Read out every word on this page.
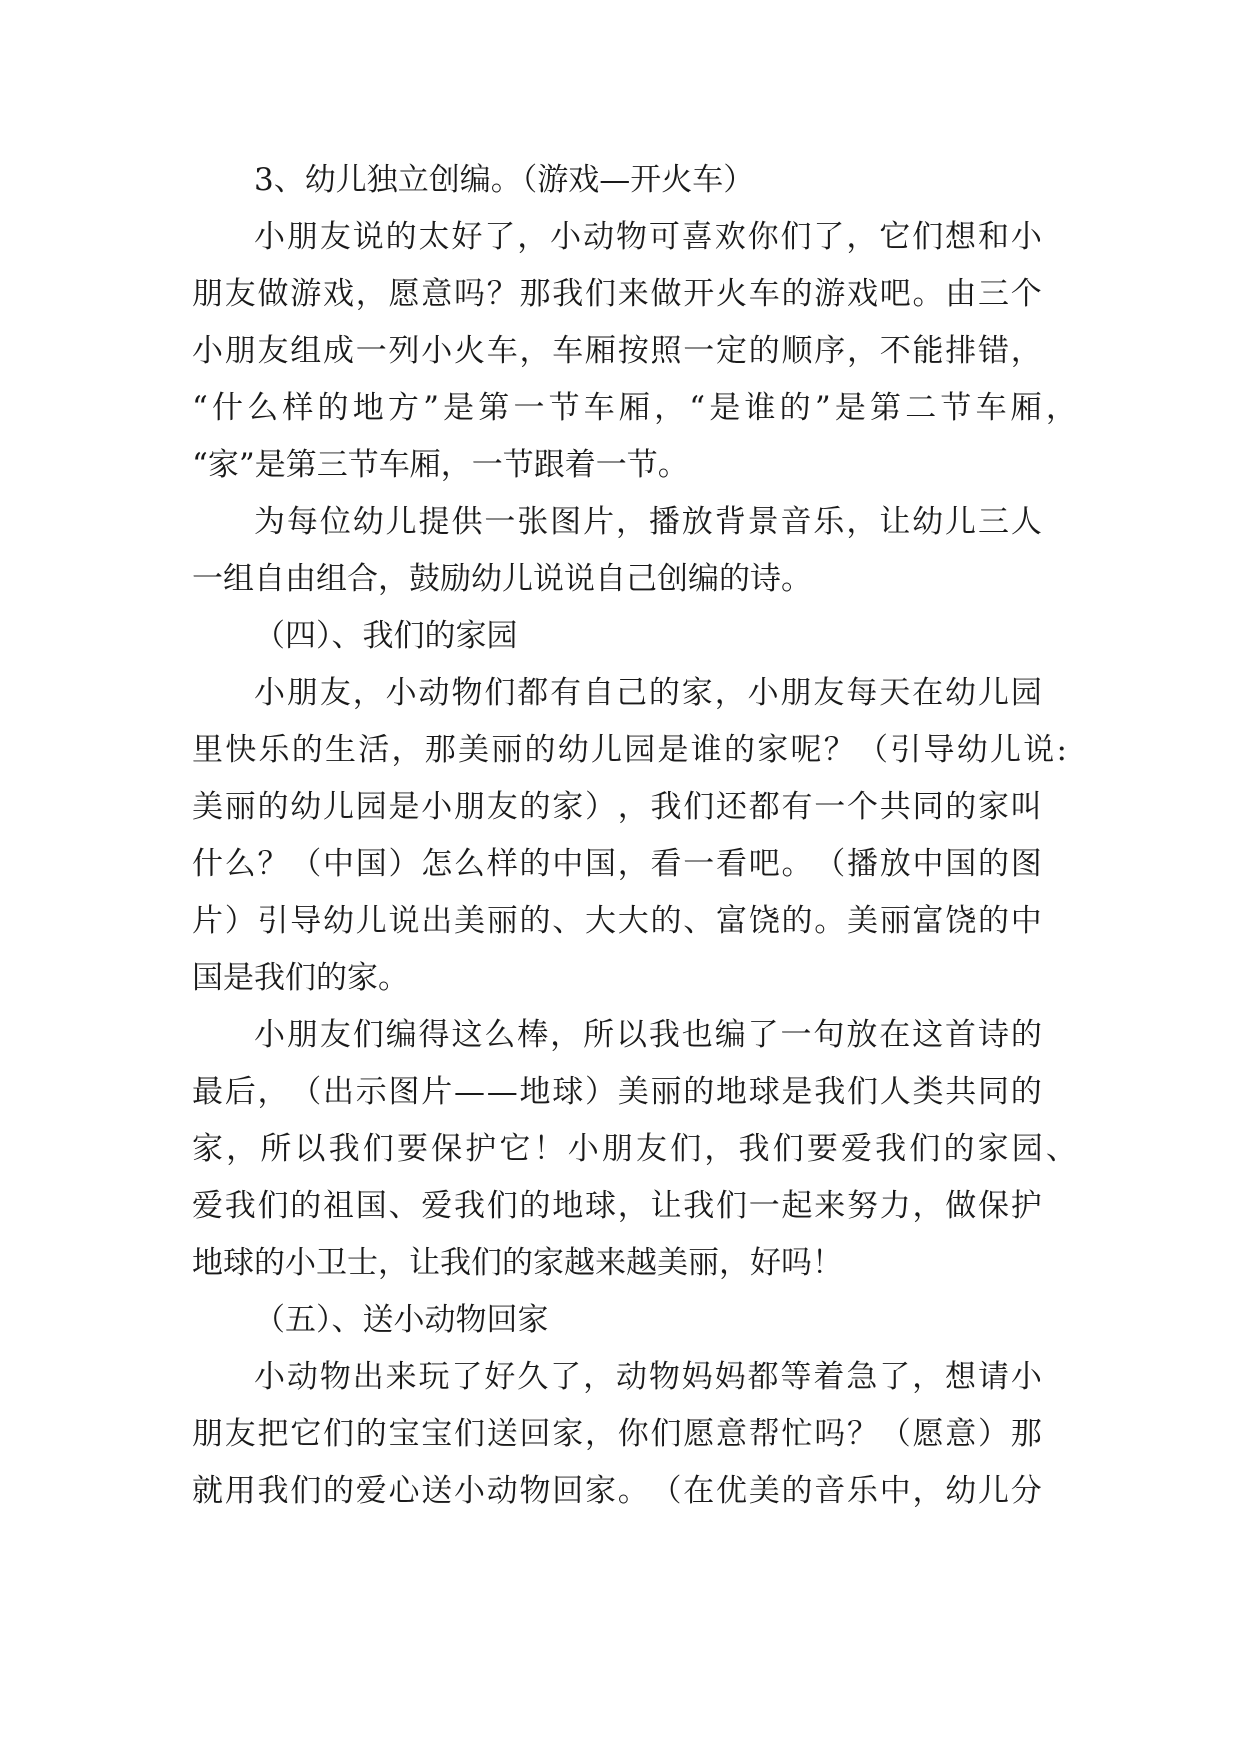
3、幼儿独立创编。（游戏—开火车）
小 朋 友 说 的 太 好 了 ， 小 动 物 可 喜 欢 你 们 了 ， 它 们 想 和 小
朋 友 做 游 戏 ， 愿 意 吗 ？ 那 我 们 来 做 开 火 车 的 游 戏 吧 。 由 三 个
小 朋 友 组 成 一 列 小 火 车 ， 车 厢 按 照 一 定 的 顺 序 ， 不 能 排 错 ，
“ 什 么 样 的 地 方 ” 是 第 一 节 车 厢 ， “ 是 谁 的 ” 是 第 二 节 车 厢 ，
“家”是第三节车厢，一节跟着一节。
为 每 位 幼 儿 提 供 一 张 图 片 ， 播 放 背 景 音 乐 ， 让 幼 儿 三 人
一组自由组合，鼓励幼儿说说自己创编的诗。
（四）、我们的家园
小 朋 友 ， 小 动 物 们 都 有 自 己 的 家 ， 小 朋 友 每 天 在 幼 儿 园
里 快 乐 的 生 活 ， 那 美 丽 的 幼 儿 园 是 谁 的 家 呢 ？ （ 引 导 幼 儿 说 :
美 丽 的 幼 儿 园 是 小 朋 友 的 家 ） ， 我 们 还 都 有 一 个 共 同 的 家 叫
什 么 ？ （ 中 国 ） 怎 么 样 的 中 国 ， 看 一 看 吧 。 （ 播 放 中 国 的 图
片 ） 引 导 幼 儿 说 出 美 丽 的 、 大 大 的 、 富 饶 的 。 美 丽 富 饶 的 中
国是我们的家。
小 朋 友 们 编 得 这 么 棒 ， 所 以 我 也 编 了 一 句 放 在 这 首 诗 的
最 后 ， （ 出 示 图 片 — — 地 球 ） 美 丽 的 地 球 是 我 们 人 类 共 同 的
家 ， 所 以 我 们 要 保 护 它 ！ 小 朋 友 们 ， 我 们 要 爱 我 们 的 家 园 、
爱 我 们 的 祖 国 、 爱 我 们 的 地 球 ， 让 我 们 一 起 来 努 力 ， 做 保 护
地球的小卫士，让我们的家越来越美丽，好吗！
（五）、送小动物回家
小 动 物 出 来 玩 了 好 久 了 ， 动 物 妈 妈 都 等 着 急 了 ， 想 请 小
朋 友 把 它 们 的 宝 宝 们 送 回 家 ， 你 们 愿 意 帮 忙 吗 ？ （ 愿 意 ） 那
就 用 我 们 的 爱 心 送 小 动 物 回 家 。 （ 在 优 美 的 音 乐 中 ， 幼 儿 分
